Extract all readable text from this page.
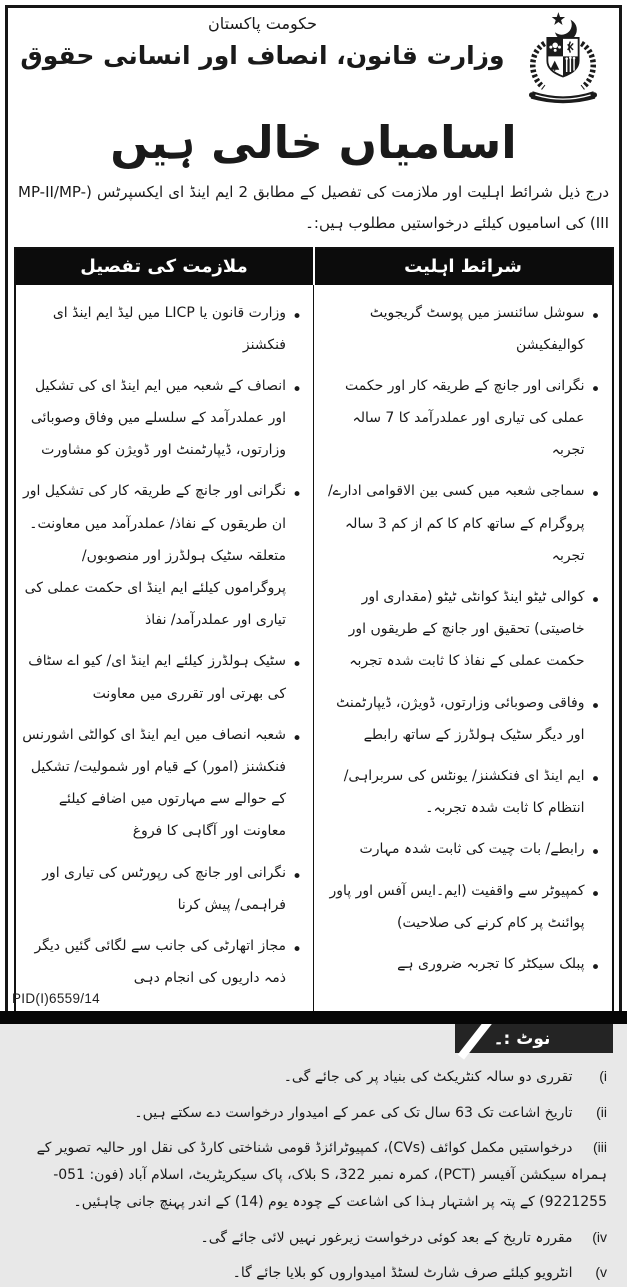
حکومت پاکستان
وزارت قانون، انصاف اور انسانی حقوق
اسامیاں خالی ہیں

درج ذیل شرائط اہلیت اور ملازمت کی تفصیل کے مطابق 2 ایم اینڈ ای ایکسپرٹس (MP-II/MP-III) کی اسامیوں کیلئے درخواستیں مطلوب ہیں:۔

شرائط اہلیت	ملازمت کی تفصیل

• سوشل سائنسز میں پوسٹ گریجویٹ کوالیفکیشن
• نگرانی اور جانچ کے طریقہ کار اور حکمت عملی کی تیاری اور عملدرآمد کا 7 سالہ تجربہ
• سماجی شعبہ میں کسی بین الاقوامی ادارے/ پروگرام کے ساتھ کام کا کم از کم 3 سالہ تجربہ
• کوالی ٹیٹو اینڈ کوانٹی ٹیٹو (مقداری اور خاصیتی) تحقیق اور جانچ کے طریقوں اور حکمت عملی کے نفاذ کا ثابت شدہ تجربہ
• وفاقی وصوبائی وزارتوں، ڈویژن، ڈیپارٹمنٹ اور دیگر سٹیک ہولڈرز کے ساتھ رابطے
• ایم اینڈ ای فنکشنز/ یونٹس کی سربراہی/ انتظام کا ثابت شدہ تجربہ۔
• رابطے/ بات چیت کی ثابت شدہ مہارت
• کمپیوٹر سے واقفیت (ایم۔ایس آفس اور پاور پوائنٹ پر کام کرنے کی صلاحیت)
• پبلک سیکٹر کا تجربہ ضروری ہے

• وزارت قانون یا LICP میں لیڈ ایم اینڈ ای فنکشنز
• انصاف کے شعبہ میں ایم اینڈ ای کی تشکیل اور عملدرآمد کے سلسلے میں وفاق وصوبائی وزارتوں، ڈیپارٹمنٹ اور ڈویژن کو مشاورت
• نگرانی اور جانچ کے طریقہ کار کی تشکیل اور ان طریقوں کے نفاذ/ عملدرآمد میں معاونت۔ متعلقہ سٹیک ہولڈرز اور منصوبوں/ پروگراموں کیلئے ایم اینڈ ای حکمت عملی کی تیاری اور عملدرآمد/ نفاذ
• سٹیک ہولڈرز کیلئے ایم اینڈ ای/ کیو اے سٹاف کی بھرتی اور تقرری میں معاونت
• شعبہ انصاف میں ایم اینڈ ای کوالٹی اشورنس فنکشنز (امور) کے قیام اور شمولیت/ تشکیل کے حوالے سے مہارتوں میں اضافے کیلئے معاونت اور آگاہی کا فروغ
• نگرانی اور جانچ کی رپورٹس کی تیاری اور فراہمی/ پیش کرنا
• مجاز اتھارٹی کی جانب سے لگائی گئیں دیگر ذمہ داریوں کی انجام دہی
نوٹ :۔

i) تقرری دو سالہ کنٹریکٹ کی بنیاد پر کی جائے گی۔

ii) تاریخ اشاعت تک 63 سال تک کی عمر کے امیدوار درخواست دے سکتے ہیں۔

iii) درخواستیں مکمل کوائف (CVs)، کمپیوٹرائزڈ قومی شناختی کارڈ کی نقل اور حالیہ تصویر کے ہمراہ سیکشن آفیسر (PCT)، کمرہ نمبر 322، S بلاک، پاک سیکریٹریٹ، اسلام آباد (فون: 051-9221255) کے پتہ پر اشتہار ہذا کی اشاعت کے چودہ یوم (14) کے اندر پہنچ جانی چاہئیں۔

iv) مقررہ تاریخ کے بعد کوئی درخواست زیرغور نہیں لائی جائے گی۔

v) انٹرویو کیلئے صرف شارٹ لسٹڈ امیدواروں کو بلایا جائے گا۔

PID(I)6559/14
